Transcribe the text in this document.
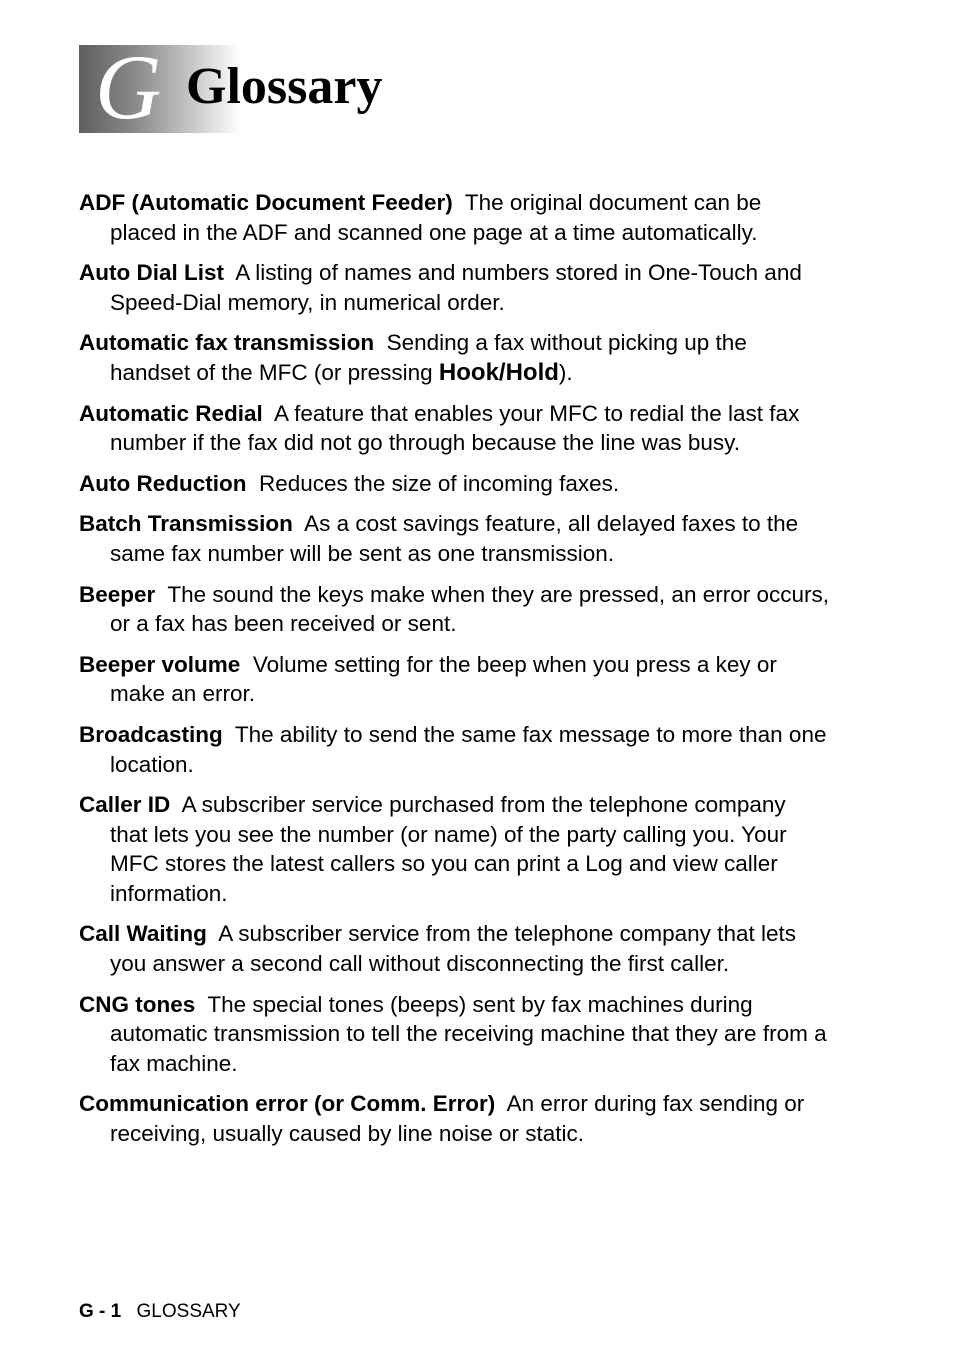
G Glossary

ADF (Automatic Document Feeder) The original document can be placed in the ADF and scanned one page at a time automatically.

Auto Dial List A listing of names and numbers stored in One-Touch and Speed-Dial memory, in numerical order.

Automatic fax transmission Sending a fax without picking up the handset of the MFC (or pressing Hook/Hold).

Automatic Redial A feature that enables your MFC to redial the last fax number if the fax did not go through because the line was busy.

Auto Reduction Reduces the size of incoming faxes.

Batch Transmission As a cost savings feature, all delayed faxes to the same fax number will be sent as one transmission.

Beeper The sound the keys make when they are pressed, an error occurs, or a fax has been received or sent.

Beeper volume Volume setting for the beep when you press a key or make an error.

Broadcasting The ability to send the same fax message to more than one location.

Caller ID A subscriber service purchased from the telephone company that lets you see the number (or name) of the party calling you. Your MFC stores the latest callers so you can print a Log and view caller information.

Call Waiting A subscriber service from the telephone company that lets you answer a second call without disconnecting the first caller.

CNG tones The special tones (beeps) sent by fax machines during automatic transmission to tell the receiving machine that they are from a fax machine.

Communication error (or Comm. Error) An error during fax sending or receiving, usually caused by line noise or static.

G - 1 GLOSSARY
